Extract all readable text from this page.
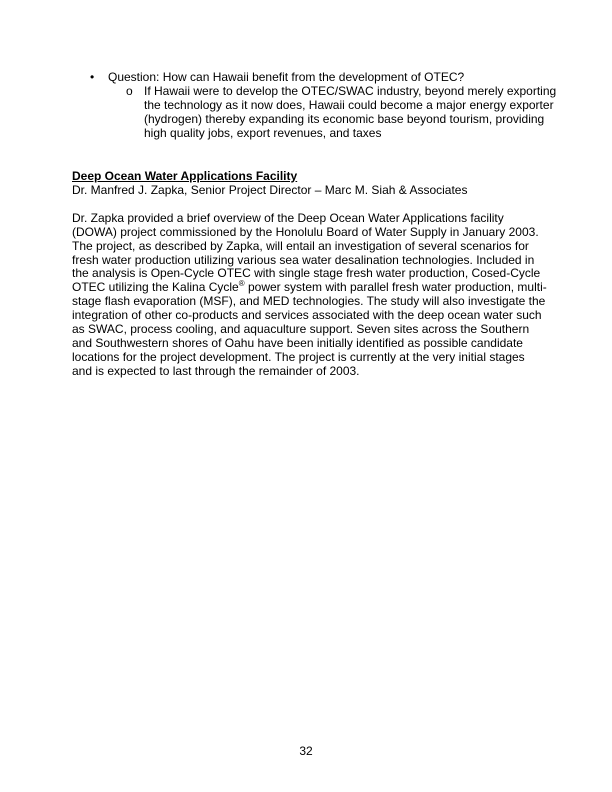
• Question: How can Hawaii benefit from the development of OTEC?
o If Hawaii were to develop the OTEC/SWAC industry, beyond merely exporting the technology as it now does, Hawaii could become a major energy exporter (hydrogen) thereby expanding its economic base beyond tourism, providing high quality jobs, export revenues, and taxes
Deep Ocean Water Applications Facility
Dr. Manfred J. Zapka, Senior Project Director – Marc M. Siah & Associates

Dr. Zapka provided a brief overview of the Deep Ocean Water Applications facility (DOWA) project commissioned by the Honolulu Board of Water Supply in January 2003. The project, as described by Zapka, will entail an investigation of several scenarios for fresh water production utilizing various sea water desalination technologies. Included in the analysis is Open-Cycle OTEC with single stage fresh water production, Cosed-Cycle OTEC utilizing the Kalina Cycle® power system with parallel fresh water production, multi-stage flash evaporation (MSF), and MED technologies. The study will also investigate the integration of other co-products and services associated with the deep ocean water such as SWAC, process cooling, and aquaculture support. Seven sites across the Southern and Southwestern shores of Oahu have been initially identified as possible candidate locations for the project development. The project is currently at the very initial stages and is expected to last through the remainder of 2003.

32
